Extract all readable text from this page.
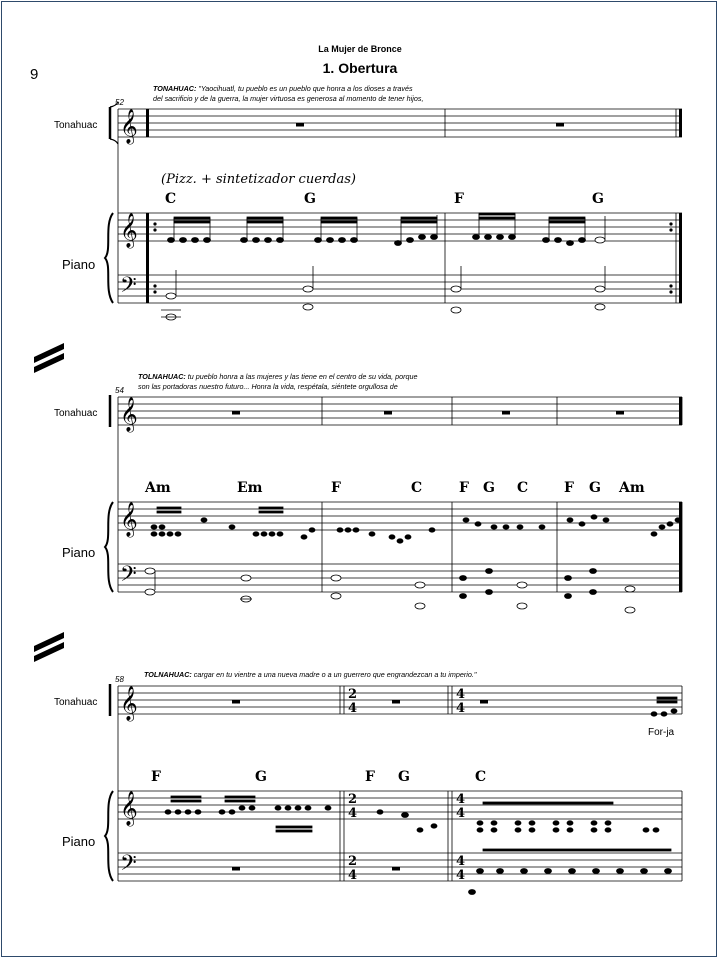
9
La Mujer de Bronce
1. Obertura
TONAHUAC: "Yaocihuatl, tu pueblo es un pueblo que honra a los dioses a través
del sacrificio y de la guerra, la mujer virtuosa es generosa al momento de tener hijos,
52
Tonahuac
Piano
(Pizz. + sintetizador cuerdas)
C	G	F	G
TOLNAHUAC: tu pueblo honra a las mujeres y las tiene en el centro de su vida, porque
son las portadoras nuestro futuro... Honra la vida, respétala, siéntete orgullosa de
54
Tonahuac
Piano
Am	Em	F	C	F G C	F G Am
TOLNAHUAC: cargar en tu vientre a una nueva madre o a un guerrero que engrandezcan a tu imperio."
58
Tonahuac
Piano
F	G	F G	C
For-ja
𝄞
𝄞
𝄢
𝄞
𝄞
𝄢
𝄞
𝄞
𝄢
2
4
2
4
2
4
4
4
4
4
4
4
